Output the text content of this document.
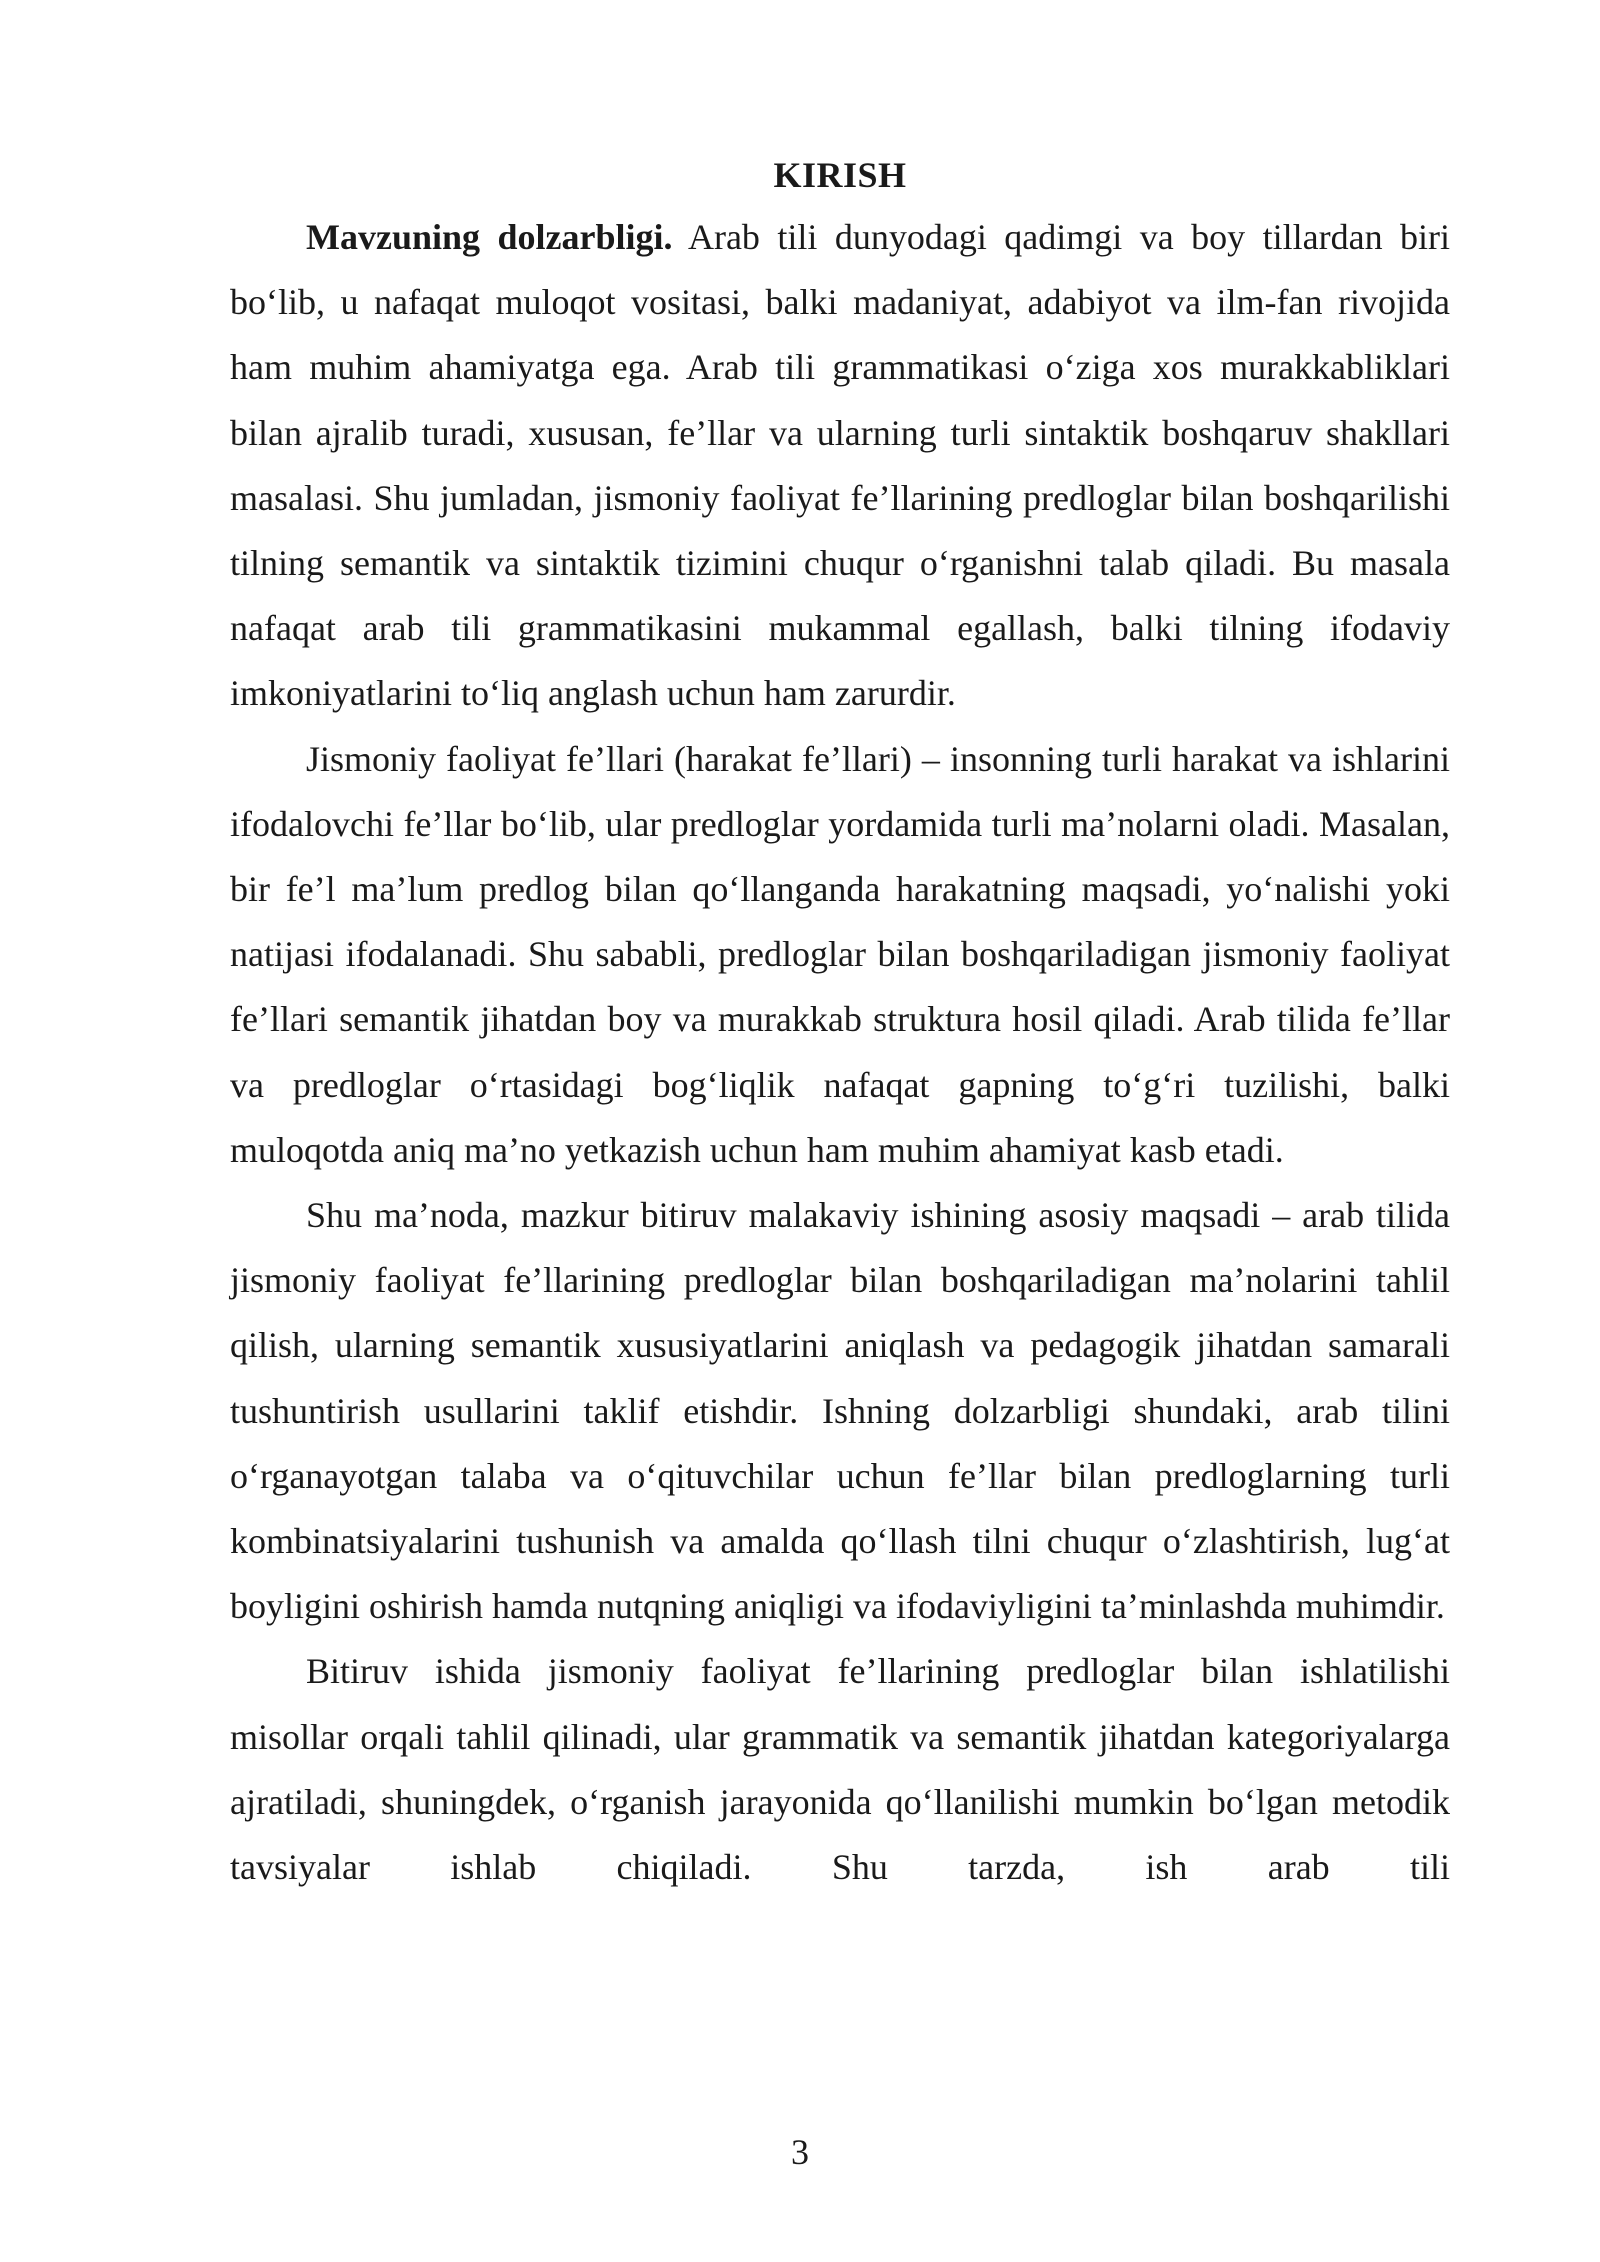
KIRISH

Mavzuning dolzarbligi. Arab tili dunyodagi qadimgi va boy tillardan biri bo‘lib, u nafaqat muloqot vositasi, balki madaniyat, adabiyot va ilm-fan rivojida ham muhim ahamiyatga ega. Arab tili grammatikasi o‘ziga xos murakkabliklari bilan ajralib turadi, xususan, fe’llar va ularning turli sintaktik boshqaruv shakllari masalasi. Shu jumladan, jismoniy faoliyat fe’llarining predloglar bilan boshqarilishi tilning semantik va sintaktik tizimini chuqur o‘rganishni talab qiladi. Bu masala nafaqat arab tili grammatikasini mukammal egallash, balki tilning ifodaviy imkoniyatlarini to‘liq anglash uchun ham zarurdir.

Jismoniy faoliyat fe’llari (harakat fe’llari) – insonning turli harakat va ishlarini ifodalovchi fe’llar bo‘lib, ular predloglar yordamida turli ma’nolarni oladi. Masalan, bir fe’l ma’lum predlog bilan qo‘llanganda harakatning maqsadi, yo‘nalishi yoki natijasi ifodalanadi. Shu sababli, predloglar bilan boshqariladigan jismoniy faoliyat fe’llari semantik jihatdan boy va murakkab struktura hosil qiladi. Arab tilida fe’llar va predloglar o‘rtasidagi bog‘liqlik nafaqat gapning to‘g‘ri tuzilishi, balki muloqotda aniq ma’no yetkazish uchun ham muhim ahamiyat kasb etadi.

Shu ma’noda, mazkur bitiruv malakaviy ishining asosiy maqsadi – arab tilida jismoniy faoliyat fe’llarining predloglar bilan boshqariladigan ma’nolarini tahlil qilish, ularning semantik xususiyatlarini aniqlash va pedagogik jihatdan samarali tushuntirish usullarini taklif etishdir. Ishning dolzarbligi shundaki, arab tilini o‘rganayotgan talaba va o‘qituvchilar uchun fe’llar bilan predloglarning turli kombinatsiyalarini tushunish va amalda qo‘llash tilni chuqur o‘zlashtirish, lug‘at boyligini oshirish hamda nutqning aniqligi va ifodaviyligini ta’minlashda muhimdir.

Bitiruv ishida jismoniy faoliyat fe’llarining predloglar bilan ishlatilishi misollar orqali tahlil qilinadi, ular grammatik va semantik jihatdan kategoriyalarga ajratiladi, shuningdek, o‘rganish jarayonida qo‘llanilishi mumkin bo‘lgan metodik tavsiyalar ishlab chiqiladi. Shu tarzda, ish arab tili

3
